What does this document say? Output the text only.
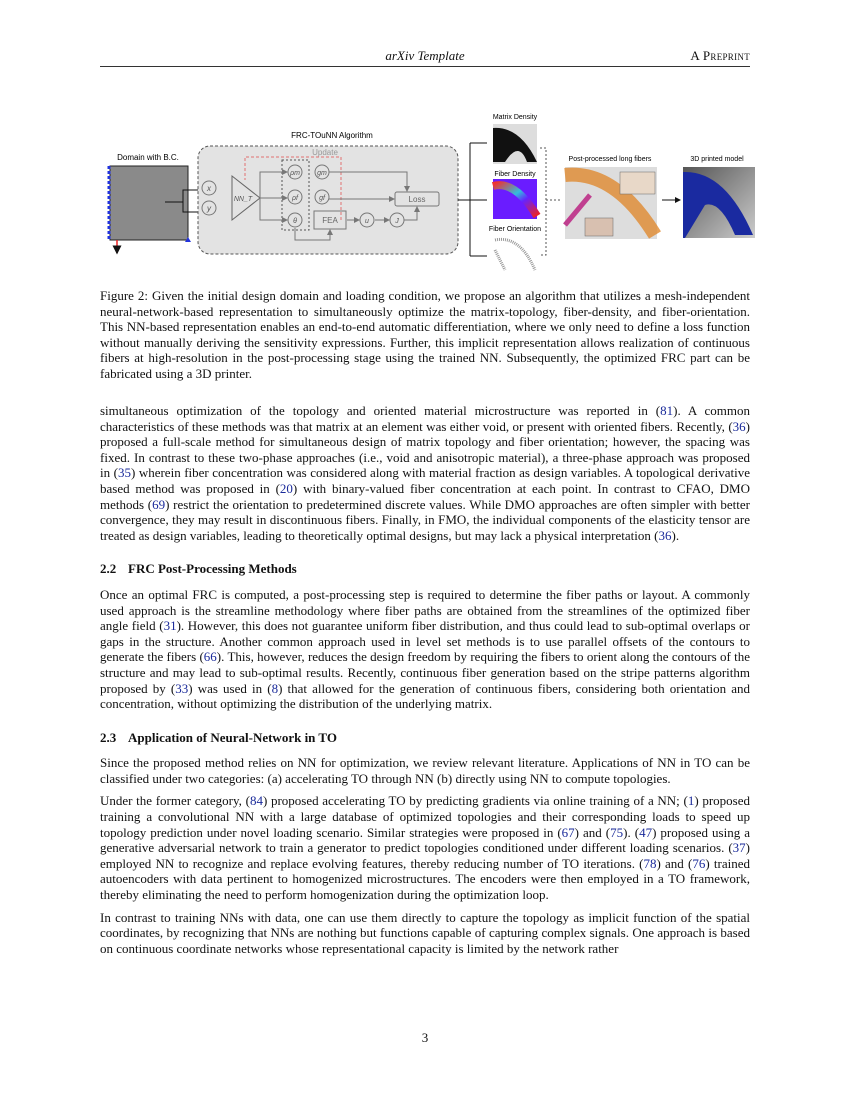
arXiv Template	A Preprint
Domain with B.C.
FRC-TOuNN Algorithm
Update
x
y
NN_T
ρm gm
ρf	gf
θ	u	J
FEA
Loss
Matrix Density
Fiber Density
Fiber Orientation
Post-processed long fibers	3D printed model
Figure 2: Given the initial design domain and loading condition, we propose an algorithm that utilizes a mesh-independent neural-network-based representation to simultaneously optimize the matrix-topology, fiber-density, and fiber-orientation. This NN-based representation enables an end-to-end automatic differentiation, where we only need to define a loss function without manually deriving the sensitivity expressions. Further, this implicit representation allows realization of continuous fibers at high-resolution in the post-processing stage using the trained NN. Subsequently, the optimized FRC part can be fabricated using a 3D printer.

simultaneous optimization of the topology and oriented material microstructure was reported in (81). A common characteristics of these methods was that matrix at an element was either void, or present with oriented fibers. Recently, (36) proposed a full-scale method for simultaneous design of matrix topology and fiber orientation; however, the spacing was fixed. In contrast to these two-phase approaches (i.e., void and anisotropic material), a three-phase approach was proposed in (35) wherein fiber concentration was considered along with material fraction as design variables. A topological derivative based method was proposed in (20) with binary-valued fiber concentration at each point. In contrast to CFAO, DMO methods (69) restrict the orientation to predetermined discrete values. While DMO approaches are often simpler with better convergence, they may result in discontinuous fibers. Finally, in FMO, the individual components of the elasticity tensor are treated as design variables, leading to theoretically optimal designs, but may lack a physical interpretation (36).

2.2 FRC Post-Processing Methods

Once an optimal FRC is computed, a post-processing step is required to determine the fiber paths or layout. A commonly used approach is the streamline methodology where fiber paths are obtained from the streamlines of the optimized fiber angle field (31). However, this does not guarantee uniform fiber distribution, and thus could lead to sub-optimal overlaps or gaps in the structure. Another common approach used in level set methods is to use parallel offsets of the contours to generate the fibers (66). This, however, reduces the design freedom by requiring the fibers to orient along the contours of the structure and may lead to sub-optimal results. Recently, continuous fiber generation based on the stripe patterns algorithm proposed by (33) was used in (8) that allowed for the generation of continuous fibers, considering both orientation and concentration, without optimizing the distribution of the underlying matrix.

2.3 Application of Neural-Network in TO

Since the proposed method relies on NN for optimization, we review relevant literature. Applications of NN in TO can be classified under two categories: (a) accelerating TO through NN (b) directly using NN to compute topologies.

Under the former category, (84) proposed accelerating TO by predicting gradients via online training of a NN; (1) proposed training a convolutional NN with a large database of optimized topologies and their corresponding loads to speed up topology prediction under novel loading scenario. Similar strategies were proposed in (67) and (75). (47) proposed using a generative adversarial network to train a generator to predict topologies conditioned under different loading scenarios. (37) employed NN to recognize and replace evolving features, thereby reducing number of TO iterations. (78) and (76) trained autoencoders with data pertinent to homogenized microstructures. The encoders were then employed in a TO framework, thereby eliminating the need to perform homogenization during the optimization loop.

In contrast to training NNs with data, one can use them directly to capture the topology as implicit function of the spatial coordinates, by recognizing that NNs are nothing but functions capable of capturing complex signals. One approach is based on continuous coordinate networks whose representational capacity is limited by the network rather

3
